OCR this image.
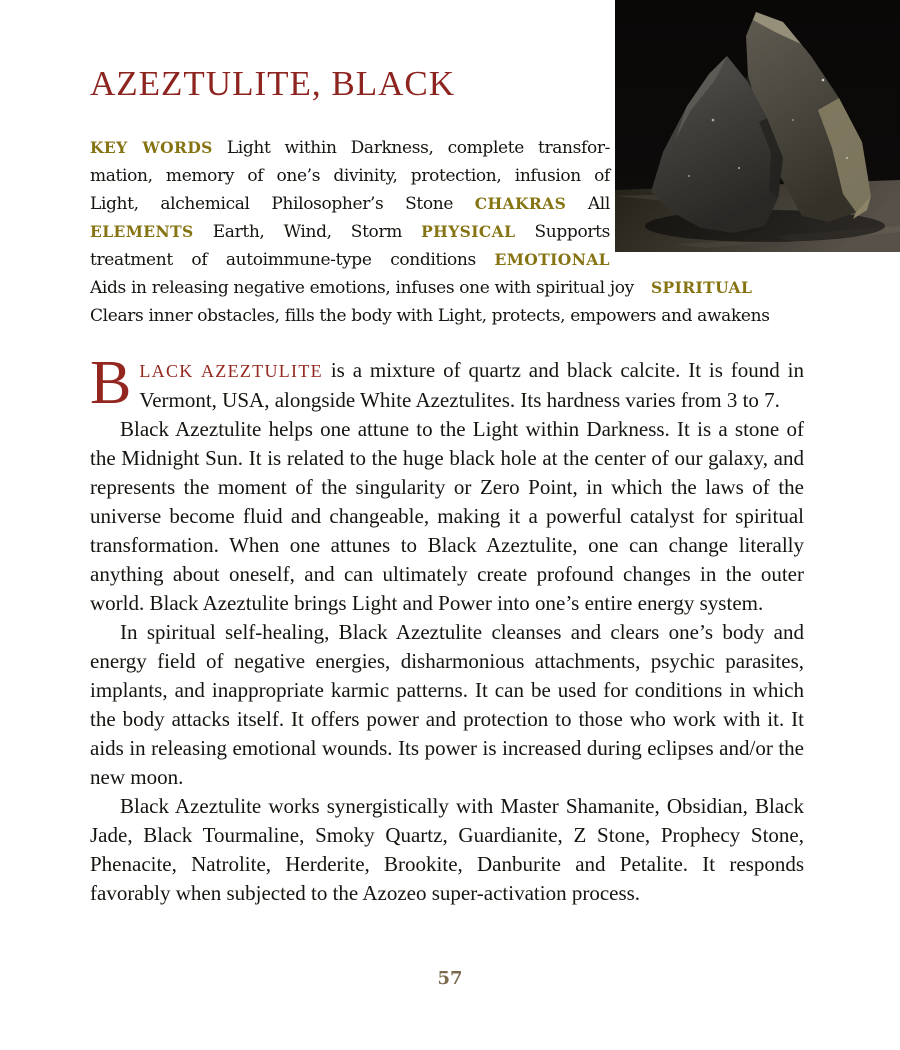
AZEZTULITE, BLACK
KEY WORDS Light within Darkness, complete transfor-
mation, memory of one’s divinity, protection, infusion of
Light, alchemical Philosopher’s Stone CHAKRAS All
ELEMENTS Earth, Wind, Storm PHYSICAL Supports
treatment of autoimmune-type conditions EMOTIONAL
Aids in releasing negative emotions, infuses one with spiritual joy SPIRITUAL
Clears inner obstacles, fills the body with Light, protects, empowers and awakens

BLACK AZEZTULITE is a mixture of quartz and black calcite. It is found in Vermont, USA, alongside White Azeztulites. Its hardness varies from 3 to 7.

Black Azeztulite helps one attune to the Light within Darkness. It is a stone of the Midnight Sun. It is related to the huge black hole at the center of our galaxy, and represents the moment of the singularity or Zero Point, in which the laws of the universe become fluid and changeable, making it a powerful catalyst for spiritual transformation. When one attunes to Black Azeztulite, one can change literally anything about oneself, and can ultimately create profound changes in the outer world. Black Azeztulite brings Light and Power into one’s entire energy system.

In spiritual self-healing, Black Azeztulite cleanses and clears one’s body and energy field of negative energies, disharmonious attachments, psychic parasites, implants, and inappropriate karmic patterns. It can be used for conditions in which the body attacks itself. It offers power and protection to those who work with it. It aids in releasing emotional wounds. Its power is increased during eclipses and/or the new moon.

Black Azeztulite works synergistically with Master Shamanite, Obsidian, Black Jade, Black Tourmaline, Smoky Quartz, Guardianite, Z Stone, Prophecy Stone, Phenacite, Natrolite, Herderite, Brookite, Danburite and Petalite. It responds favorably when subjected to the Azozeo super-activation process.

57
